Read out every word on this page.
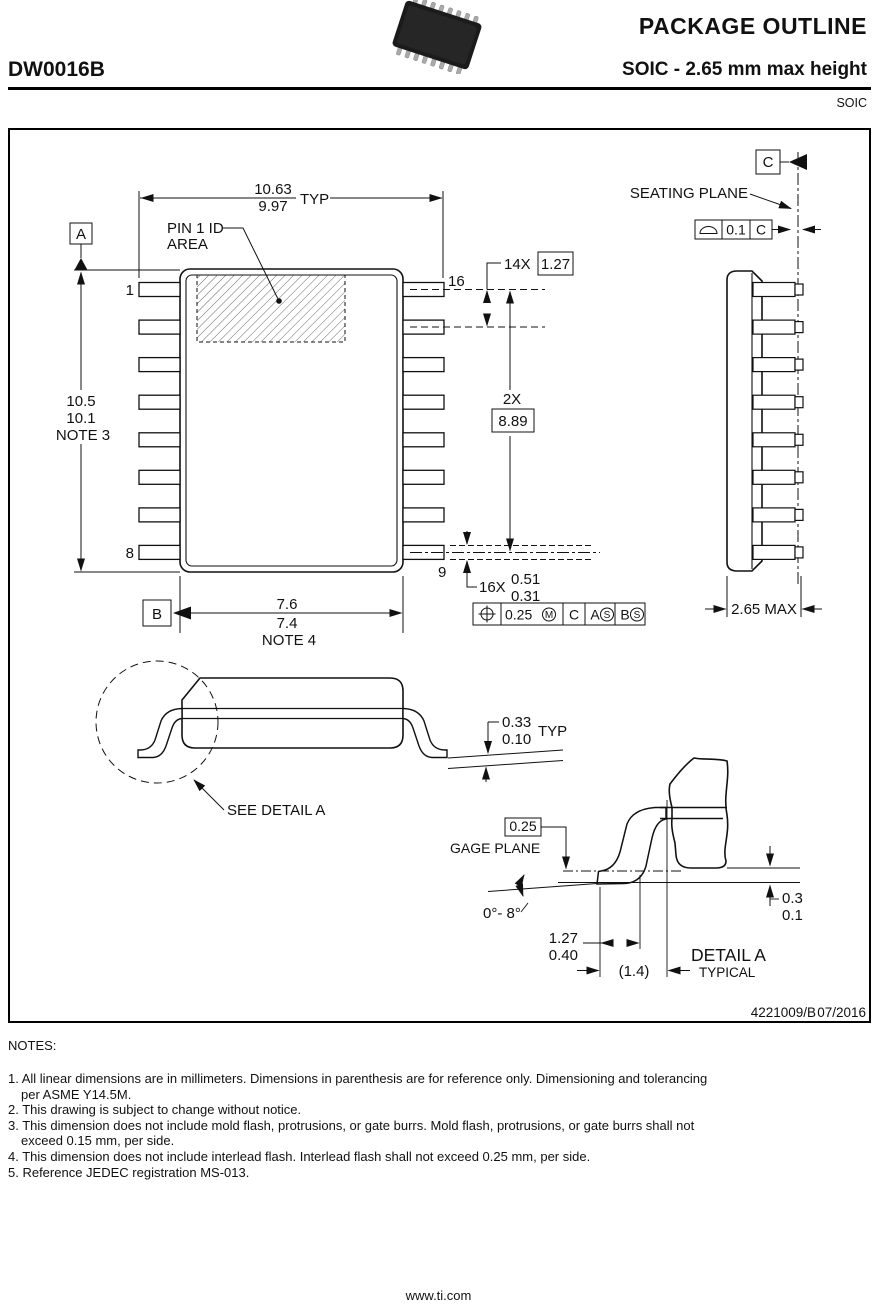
PACKAGE OUTLINE
DW0016B	SOIC - 2.65 mm max height
SOIC
10.63
9.97 TYP
PIN 1 ID
AREA
A
1
8
16
9
10.5
10.1
NOTE 3
14X 1.27
2X
8.89
16X 0.51
0.31
0.25 M C A S B S
B
7.6
7.4
NOTE 4
C
SEATING PLANE
0.1 C
2.65 MAX
0.33
0.10 TYP
SEE DETAIL A
0.25
GAGE PLANE
0°- 8°
1.27
0.40
(1.4)
DETAIL A
TYPICAL
0.3
0.1
4221009/B 07/2016
NOTES:
1. All linear dimensions are in millimeters. Dimensions in parenthesis are for reference only. Dimensioning and tolerancing
per ASME Y14.5M.
2. This drawing is subject to change without notice.
3. This dimension does not include mold flash, protrusions, or gate burrs. Mold flash, protrusions, or gate burrs shall not
exceed 0.15 mm, per side.
4. This dimension does not include interlead flash. Interlead flash shall not exceed 0.25 mm, per side.
5. Reference JEDEC registration MS-013.
www.ti.com
